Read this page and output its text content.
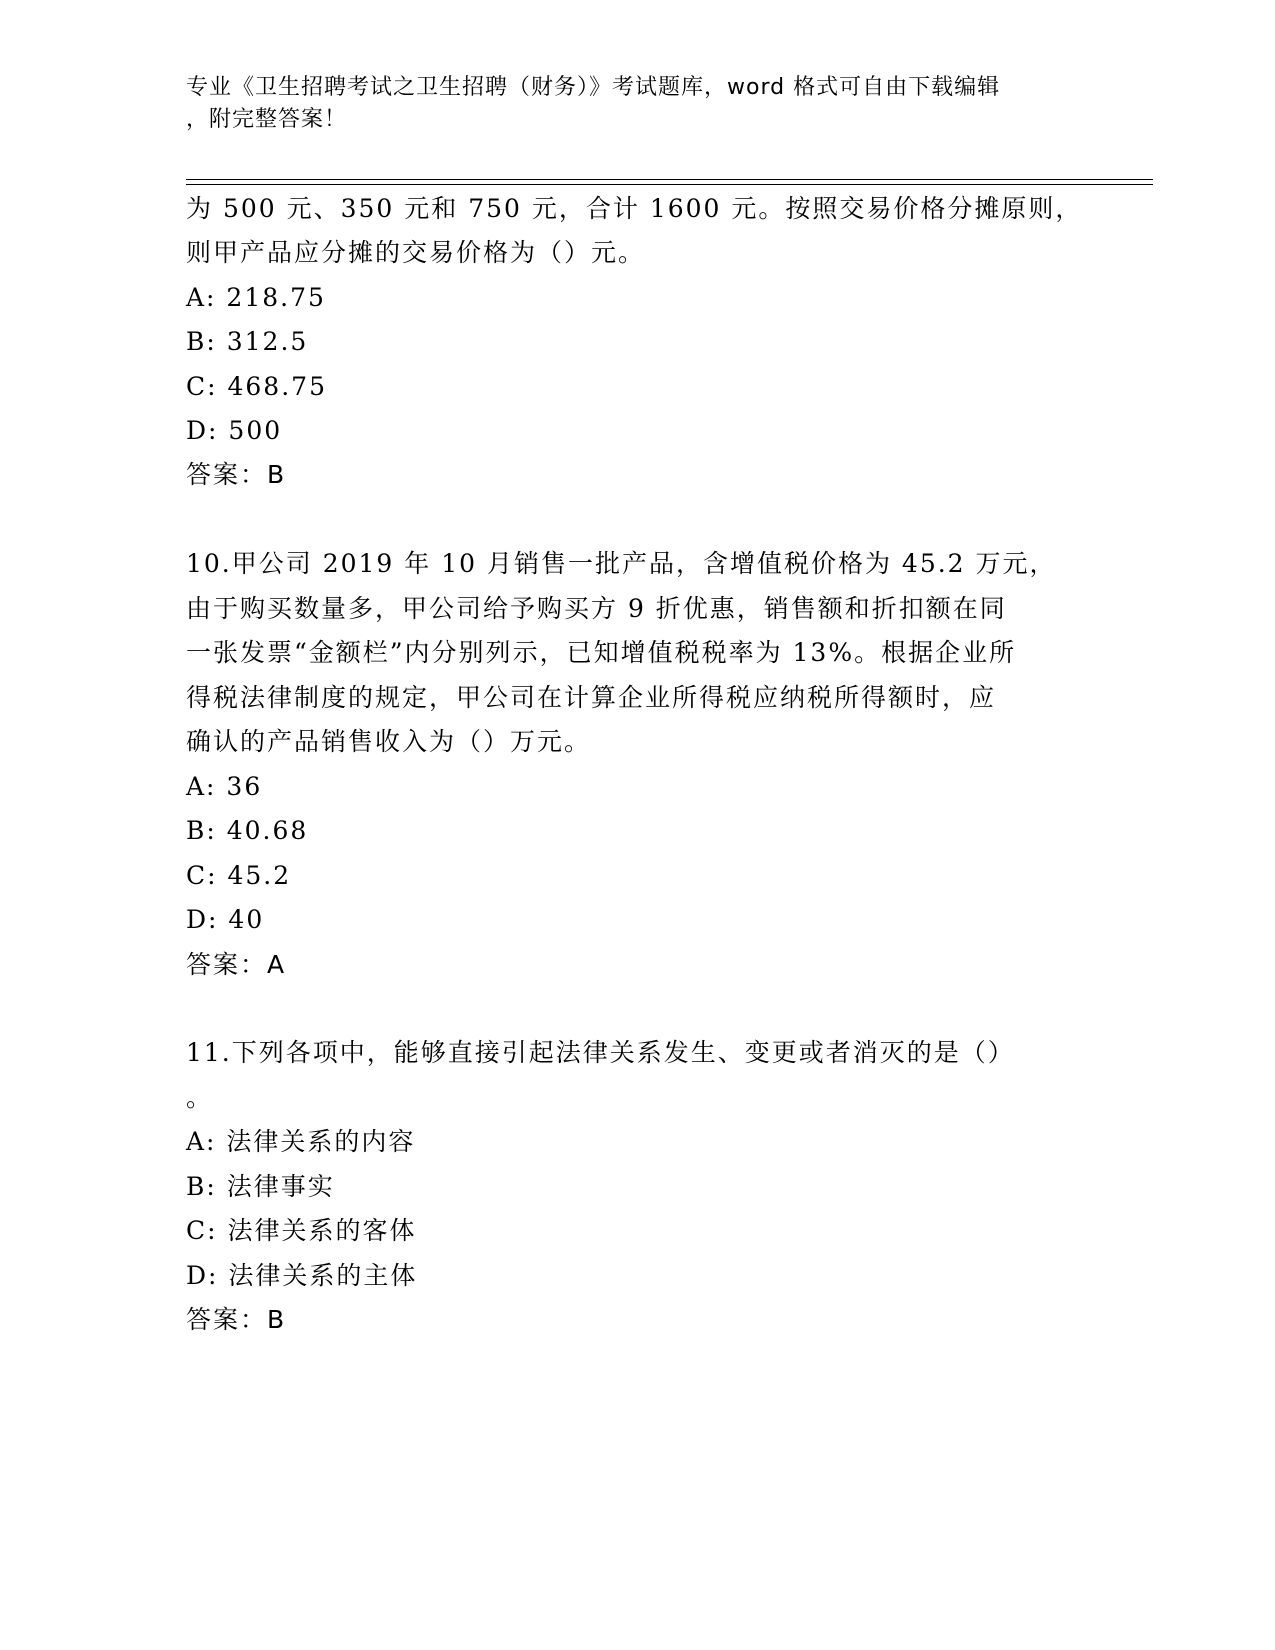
专业《卫生招聘考试之卫生招聘（财务）》考试题库，word 格式可自由下载编辑
，附完整答案！
为 500 元、350 元和 750 元，合计 1600 元。按照交易价格分摊原则，
则甲产品应分摊的交易价格为（）元。
A: 218.75
B: 312.5
C: 468.75
D: 500
答案：B
10.甲公司 2019 年 10 月销售一批产品，含增值税价格为 45.2 万元，
由于购买数量多，甲公司给予购买方 9 折优惠，销售额和折扣额在同
一张发票“金额栏”内分别列示，已知增值税税率为 13%。根据企业所
得税法律制度的规定，甲公司在计算企业所得税应纳税所得额时，应
确认的产品销售收入为（）万元。
A: 36
B: 40.68
C: 45.2
D: 40
答案：A
11.下列各项中，能够直接引起法律关系发生、变更或者消灭的是（）
。
A: 法律关系的内容
B: 法律事实
C: 法律关系的客体
D: 法律关系的主体
答案：B
